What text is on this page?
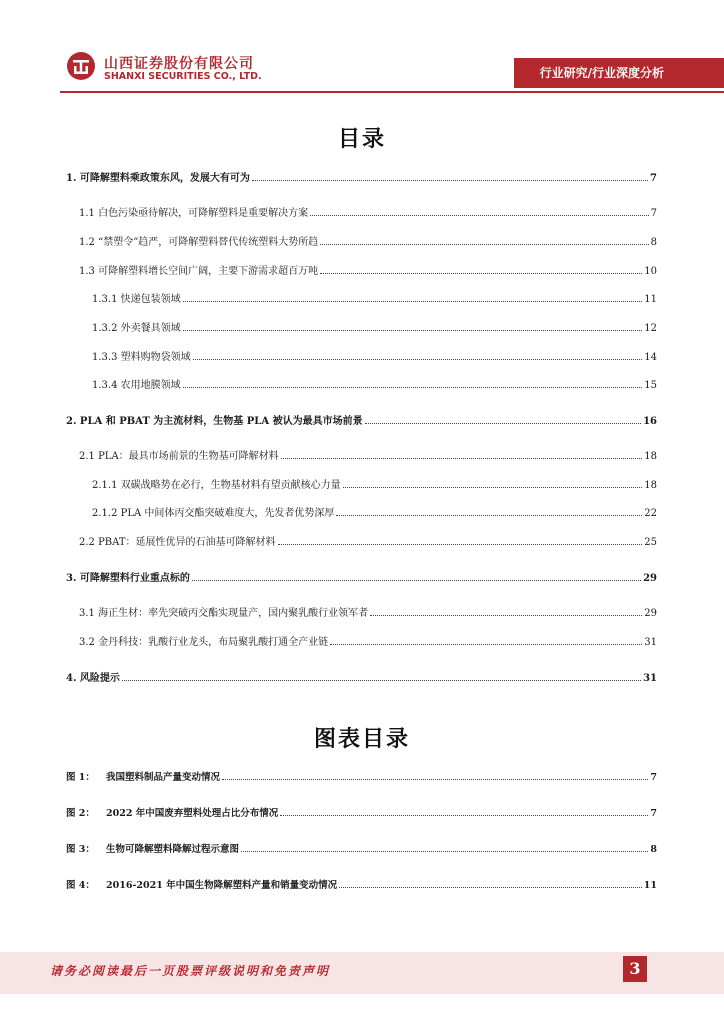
山西证券股份有限公司
SHANXI SECURITIES CO., LTD.	行业研究/行业深度分析
目录
1. 可降解塑料乘政策东风，发展大有可为	7
1.1 白色污染亟待解决，可降解塑料是重要解决方案	7
1.2 “禁塑令”趋严，可降解塑料替代传统塑料大势所趋	8
1.3 可降解塑料增长空间广阔，主要下游需求超百万吨	10
1.3.1 快递包装领域	11
1.3.2 外卖餐具领域	12
1.3.3 塑料购物袋领域	14
1.3.4 农用地膜领域	15
2. PLA 和 PBAT 为主流材料，生物基 PLA 被认为最具市场前景	16
2.1 PLA：最具市场前景的生物基可降解材料	18
2.1.1 双碳战略势在必行，生物基材料有望贡献核心力量	18
2.1.2 PLA 中间体丙交酯突破难度大，先发者优势深厚	22
2.2 PBAT：延展性优异的石油基可降解材料	25
3. 可降解塑料行业重点标的	29
3.1 海正生材：率先突破丙交酯实现量产，国内聚乳酸行业领军者	29
3.2 金丹科技：乳酸行业龙头，布局聚乳酸打通全产业链	31
4. 风险提示	31
图表目录
图 1： 我国塑料制品产量变动情况	7
图 2： 2022 年中国废弃塑料处理占比分布情况	7
图 3： 生物可降解塑料降解过程示意图	8
图 4： 2016-2021 年中国生物降解塑料产量和销量变动情况	11
请务必阅读最后一页股票评级说明和免责声明	3
